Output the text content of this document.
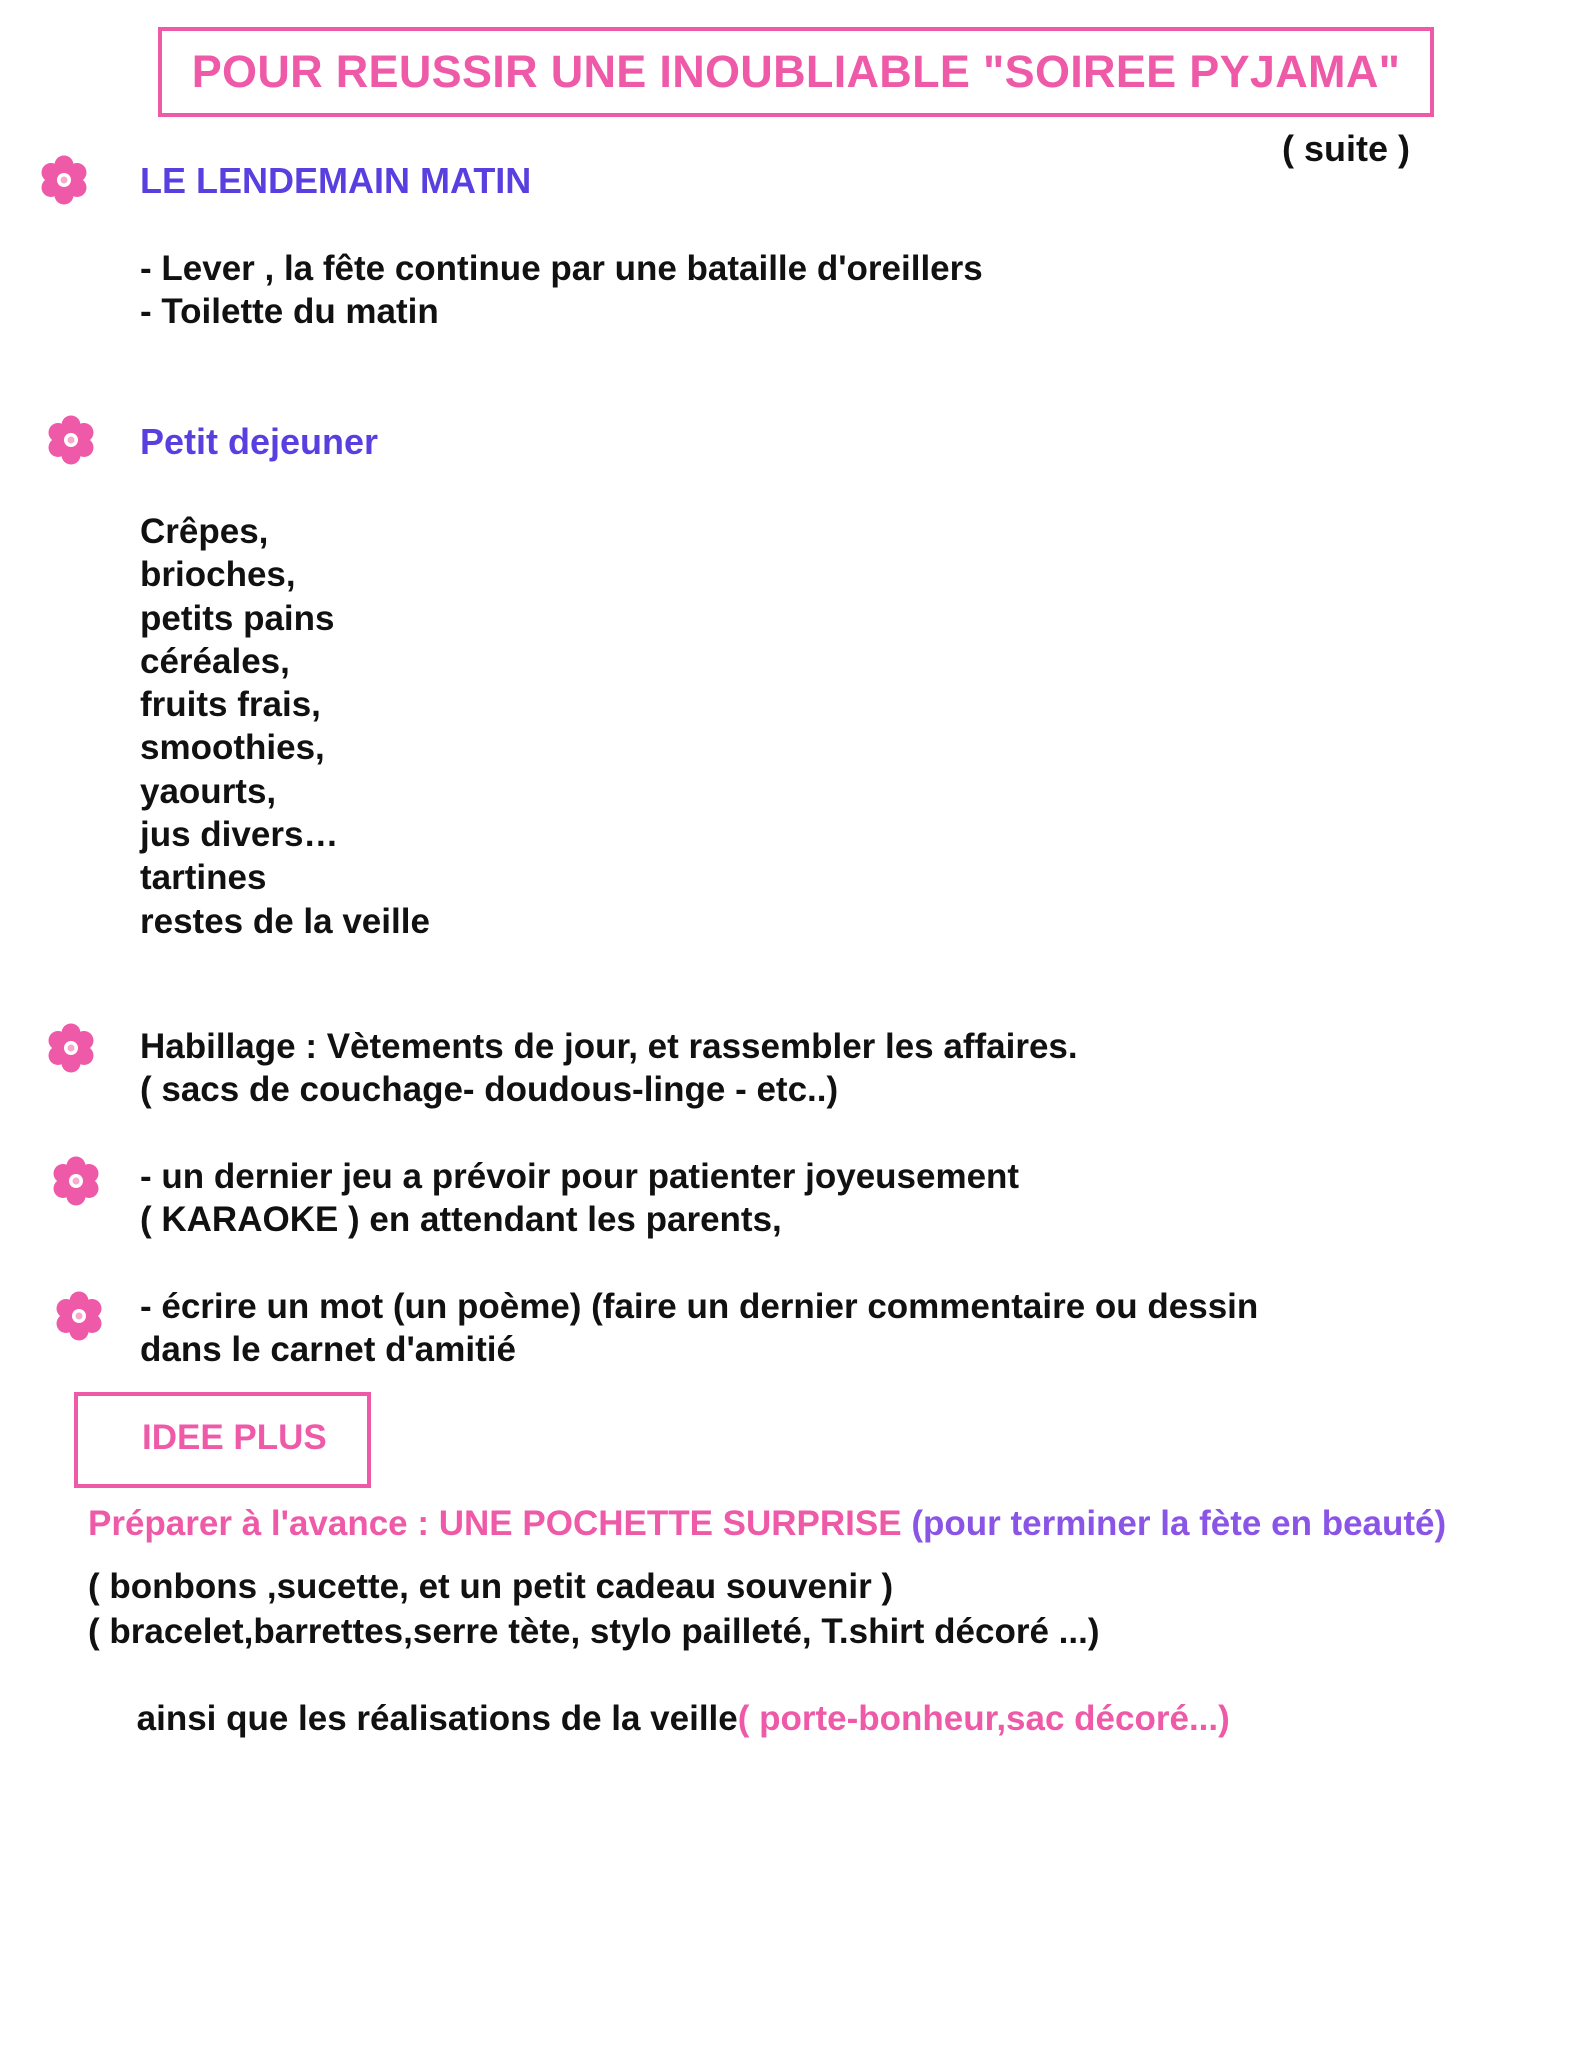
POUR REUSSIR UNE INOUBLIABLE "SOIREE PYJAMA"
( suite )
LE LENDEMAIN MATIN
- Lever , la fête continue par une bataille d'oreillers
- Toilette du matin
Petit dejeuner
Crêpes,
brioches,
petits pains
céréales,
fruits frais,
smoothies,
yaourts,
jus divers…
tartines
restes de la veille
Habillage : Vètements de jour, et rassembler les affaires.
( sacs de couchage- doudous-linge - etc..)
- un dernier jeu a prévoir pour patienter joyeusement
( KARAOKE ) en attendant les parents,
- écrire un mot (un poème) (faire un dernier commentaire ou dessin
dans le carnet d'amitié
IDEE PLUS
Préparer à l'avance : UNE POCHETTE SURPRISE (pour terminer la fète en beauté)
( bonbons ,sucette, et un petit cadeau souvenir )
( bracelet,barrettes,serre tète, stylo pailleté, T.shirt décoré ...)

ainsi que les réalisations de la veille( porte-bonheur,sac décoré...)
